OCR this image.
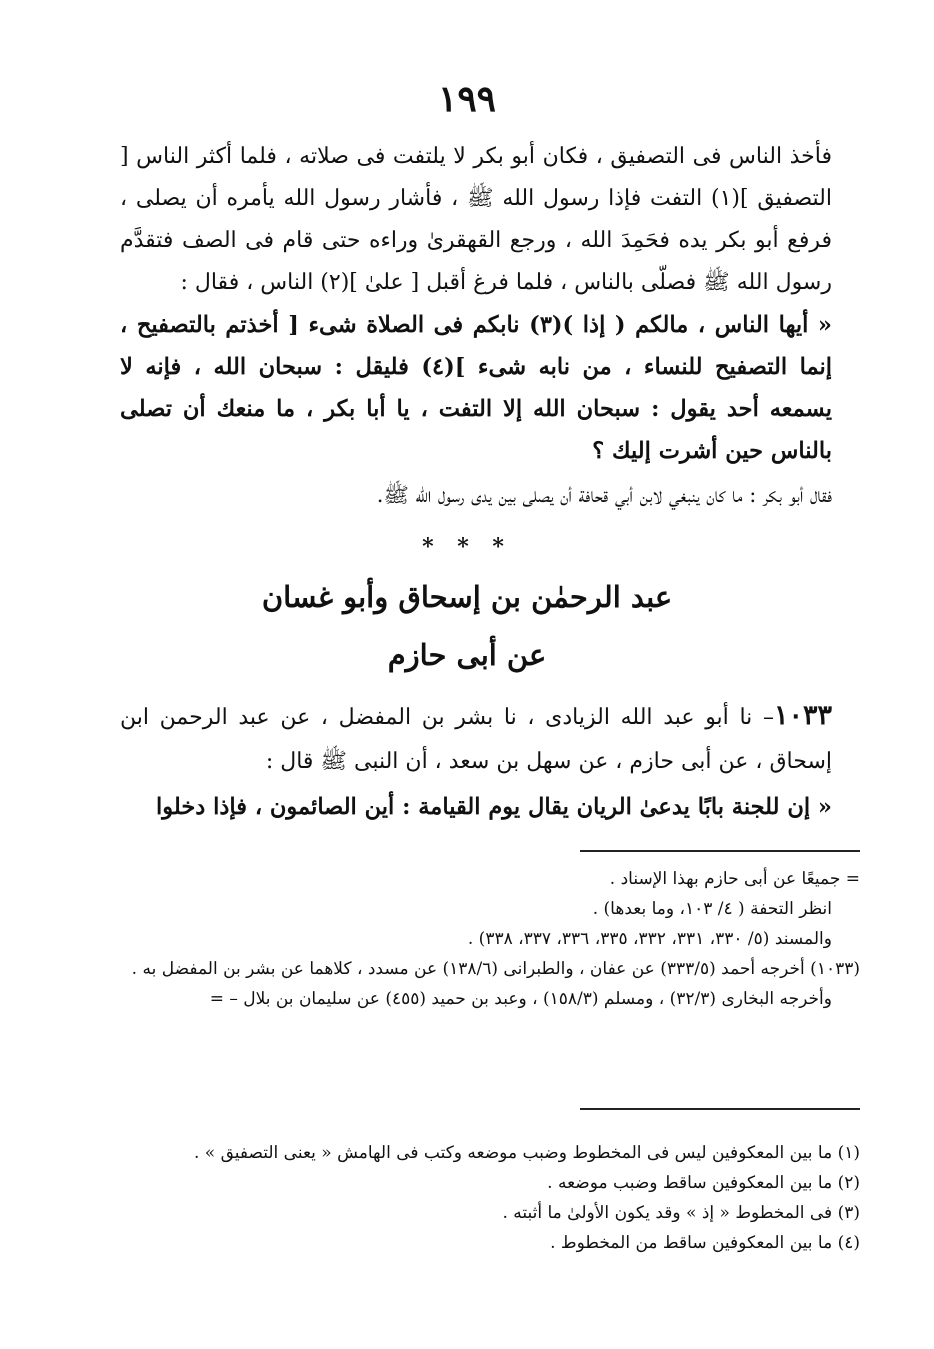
١٩٩
فأخذ الناس فى التصفيق ، فكان أبو بكر لا يلتفت فى صلاته ، فلما أكثر الناس [ التصفيق ](١) التفت فإذا رسول الله ﷺ ، فأشار رسول الله يأمره أن يصلى ، فرفع أبو بكر يده فحَمِدَ الله ، ورجع القهقرىٰ وراءه حتى قام فى الصف فتقدَّم رسول الله ﷺ فصلّى بالناس ، فلما فرغ أقبل [ علىٰ ](٢) الناس ، فقال :
« أيها الناس ، مالكم ( إذا )(٣) نابكم فى الصلاة شىء [ أخذتم بالتصفيح ، إنما التصفيح للنساء ، من نابه شىء ](٤) فليقل : سبحان الله ، فإنه لا يسمعه أحد يقول : سبحان الله إلا التفت ، يا أبا بكر ، ما منعك أن تصلى بالناس حين أشرت إليك ؟
فقال أبو بكر : ما كان ينبغي لابن أبي قحافة أن يصلى بين يدى رسول الله ﷺ.
* * *
عبد الرحمٰن بن إسحاق وأبو غسان
عن أبى حازم
١٠٣٣– نا أبو عبد الله الزيادى ، نا بشر بن المفضل ، عن عبد الرحمن ابن إسحاق ، عن أبى حازم ، عن سهل بن سعد ، أن النبى ﷺ قال :
« إن للجنة بابًا يدعىٰ الريان يقال يوم القيامة : أين الصائمون ، فإذا دخلوا
= جميعًا عن أبى حازم بهذا الإسناد .
انظر التحفة ( ٤/ ١٠٣، وما بعدها) .
والمسند (٥/ ٣٣٠، ٣٣١، ٣٣٢، ٣٣٥، ٣٣٦، ٣٣٧، ٣٣٨) .
(١٠٣٣) أخرجه أحمد (٣٣٣/٥) عن عفان ، والطبرانى (١٣٨/٦) عن مسدد ، كلاهما عن بشر بن المفضل به .
وأخرجه البخارى (٣٢/٣) ، ومسلم (١٥٨/٣) ، وعبد بن حميد (٤٥٥) عن سليمان بن بلال – =
(١) ما بين المعكوفين ليس فى المخطوط وضبب موضعه وكتب فى الهامش « يعنى التصفيق » .
(٢) ما بين المعكوفين ساقط وضبب موضعه .
(٣) فى المخطوط « إذ » وقد يكون الأولىٰ ما أثبته .
(٤) ما بين المعكوفين ساقط من المخطوط .
